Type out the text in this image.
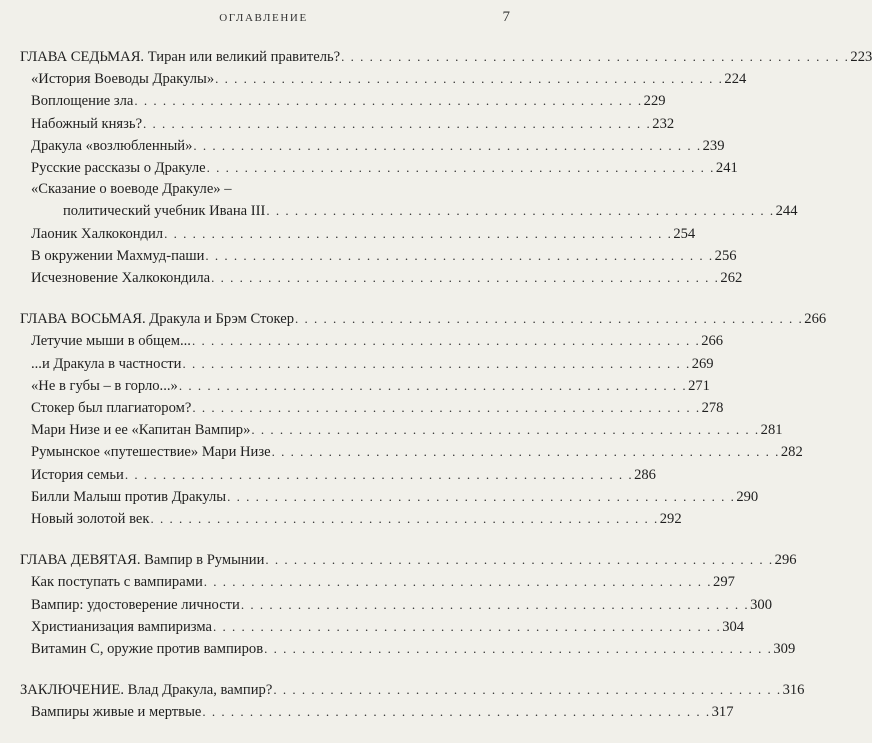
ОГЛАВЛЕНИЕ	7
ГЛАВА СЕДЬМАЯ. Тиран или великий правитель? . . . . . . . . . . . . . . . . . . . . . . . . . . . . . . . . . . . . . . . . . . . . . . . . . . . . . . 223
«История Воеводы Дракулы» . . . . . . . . . . . . . . . . . . . . . . . . . . . . . . . . . . . . . . . . . . . . . . . . . . . . . . 224
Воплощение зла . . . . . . . . . . . . . . . . . . . . . . . . . . . . . . . . . . . . . . . . . . . . . . . . . . . . . . 229
Набожный князь? . . . . . . . . . . . . . . . . . . . . . . . . . . . . . . . . . . . . . . . . . . . . . . . . . . . . . . 232
Дракула «возлюбленный» . . . . . . . . . . . . . . . . . . . . . . . . . . . . . . . . . . . . . . . . . . . . . . . . . . . . . . 239
Русские рассказы о Дракуле . . . . . . . . . . . . . . . . . . . . . . . . . . . . . . . . . . . . . . . . . . . . . . . . . . . . . . 241
«Сказание о воеводе Дракуле» –
политический учебник Ивана III . . . . . . . . . . . . . . . . . . . . . . . . . . . . . . . . . . . . . . . . . . . . . . . . . . . . . . 244
Лаоник Халкокондил . . . . . . . . . . . . . . . . . . . . . . . . . . . . . . . . . . . . . . . . . . . . . . . . . . . . . . 254
В окружении Махмуд-паши . . . . . . . . . . . . . . . . . . . . . . . . . . . . . . . . . . . . . . . . . . . . . . . . . . . . . . 256
Исчезновение Халкокондила . . . . . . . . . . . . . . . . . . . . . . . . . . . . . . . . . . . . . . . . . . . . . . . . . . . . . . 262
ГЛАВА ВОСЬМАЯ. Дракула и Брэм Стокер . . . . . . . . . . . . . . . . . . . . . . . . . . . . . . . . . . . . . . . . . . . . . . . . . . . . . . 266
Летучие мыши в общем... . . . . . . . . . . . . . . . . . . . . . . . . . . . . . . . . . . . . . . . . . . . . . . . . . . . . . . 266
...и Дракула в частности . . . . . . . . . . . . . . . . . . . . . . . . . . . . . . . . . . . . . . . . . . . . . . . . . . . . . . 269
«Не в губы – в горло...» . . . . . . . . . . . . . . . . . . . . . . . . . . . . . . . . . . . . . . . . . . . . . . . . . . . . . . 271
Стокер был плагиатором? . . . . . . . . . . . . . . . . . . . . . . . . . . . . . . . . . . . . . . . . . . . . . . . . . . . . . . 278
Мари Низе и ее «Капитан Вампир» . . . . . . . . . . . . . . . . . . . . . . . . . . . . . . . . . . . . . . . . . . . . . . . . . . . . . . 281
Румынское «путешествие» Мари Низе . . . . . . . . . . . . . . . . . . . . . . . . . . . . . . . . . . . . . . . . . . . . . . . . . . . . . . 282
История семьи . . . . . . . . . . . . . . . . . . . . . . . . . . . . . . . . . . . . . . . . . . . . . . . . . . . . . . 286
Билли Малыш против Дракулы . . . . . . . . . . . . . . . . . . . . . . . . . . . . . . . . . . . . . . . . . . . . . . . . . . . . . . 290
Новый золотой век . . . . . . . . . . . . . . . . . . . . . . . . . . . . . . . . . . . . . . . . . . . . . . . . . . . . . . 292
ГЛАВА ДЕВЯТАЯ. Вампир в Румынии . . . . . . . . . . . . . . . . . . . . . . . . . . . . . . . . . . . . . . . . . . . . . . . . . . . . . . 296
Как поступать с вампирами . . . . . . . . . . . . . . . . . . . . . . . . . . . . . . . . . . . . . . . . . . . . . . . . . . . . . . 297
Вампир: удостоверение личности . . . . . . . . . . . . . . . . . . . . . . . . . . . . . . . . . . . . . . . . . . . . . . . . . . . . . . 300
Христианизация вампиризма . . . . . . . . . . . . . . . . . . . . . . . . . . . . . . . . . . . . . . . . . . . . . . . . . . . . . . 304
Витамин С, оружие против вампиров . . . . . . . . . . . . . . . . . . . . . . . . . . . . . . . . . . . . . . . . . . . . . . . . . . . . . . 309
ЗАКЛЮЧЕНИЕ. Влад Дракула, вампир? . . . . . . . . . . . . . . . . . . . . . . . . . . . . . . . . . . . . . . . . . . . . . . . . . . . . . . 316
Вампиры живые и мертвые . . . . . . . . . . . . . . . . . . . . . . . . . . . . . . . . . . . . . . . . . . . . . . . . . . . . . . 317
